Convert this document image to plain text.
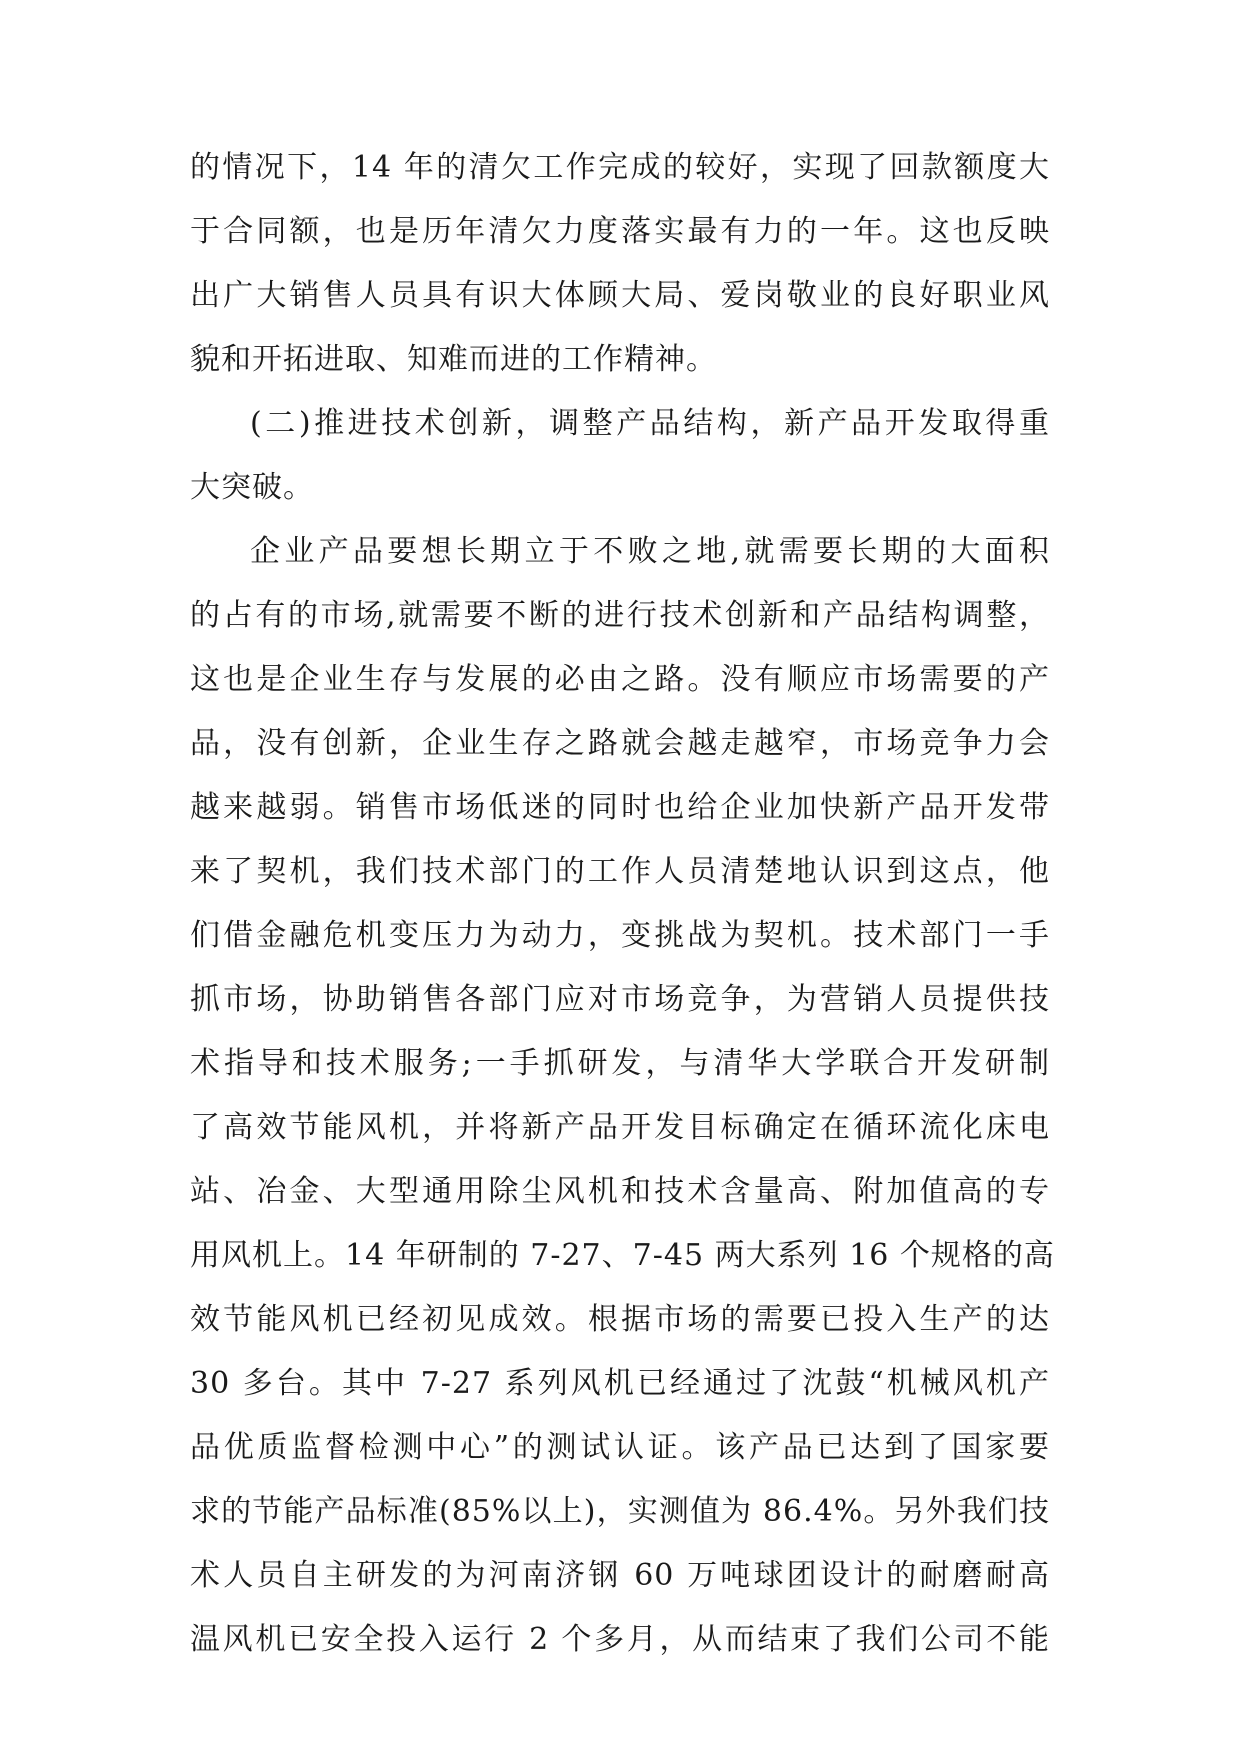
的情况下，14 年的清欠工作完成的较好，实现了回款额度大
于合同额，也是历年清欠力度落实最有力的一年。这也反映
出广大销售人员具有识大体顾大局、爱岗敬业的良好职业风
貌和开拓进取、知难而进的工作精神。
(二)推进技术创新，调整产品结构，新产品开发取得重
大突破。
企业产品要想长期立于不败之地,就需要长期的大面积
的占有的市场,就需要不断的进行技术创新和产品结构调整，
这也是企业生存与发展的必由之路。没有顺应市场需要的产
品，没有创新，企业生存之路就会越走越窄，市场竞争力会
越来越弱。销售市场低迷的同时也给企业加快新产品开发带
来了契机，我们技术部门的工作人员清楚地认识到这点，他
们借金融危机变压力为动力，变挑战为契机。技术部门一手
抓市场，协助销售各部门应对市场竞争，为营销人员提供技
术指导和技术服务;一手抓研发，与清华大学联合开发研制
了高效节能风机，并将新产品开发目标确定在循环流化床电
站、冶金、大型通用除尘风机和技术含量高、附加值高的专
用风机上。14 年研制的 7-27、7-45 两大系列 16 个规格的高
效节能风机已经初见成效。根据市场的需要已投入生产的达
30 多台。其中 7-27 系列风机已经通过了沈鼓“机械风机产
品优质监督检测中心”的测试认证。该产品已达到了国家要
求的节能产品标准(85%以上)，实测值为 86.4%。另外我们技
术人员自主研发的为河南济钢 60 万吨球团设计的耐磨耐高
温风机已安全投入运行 2 个多月，从而结束了我们公司不能
